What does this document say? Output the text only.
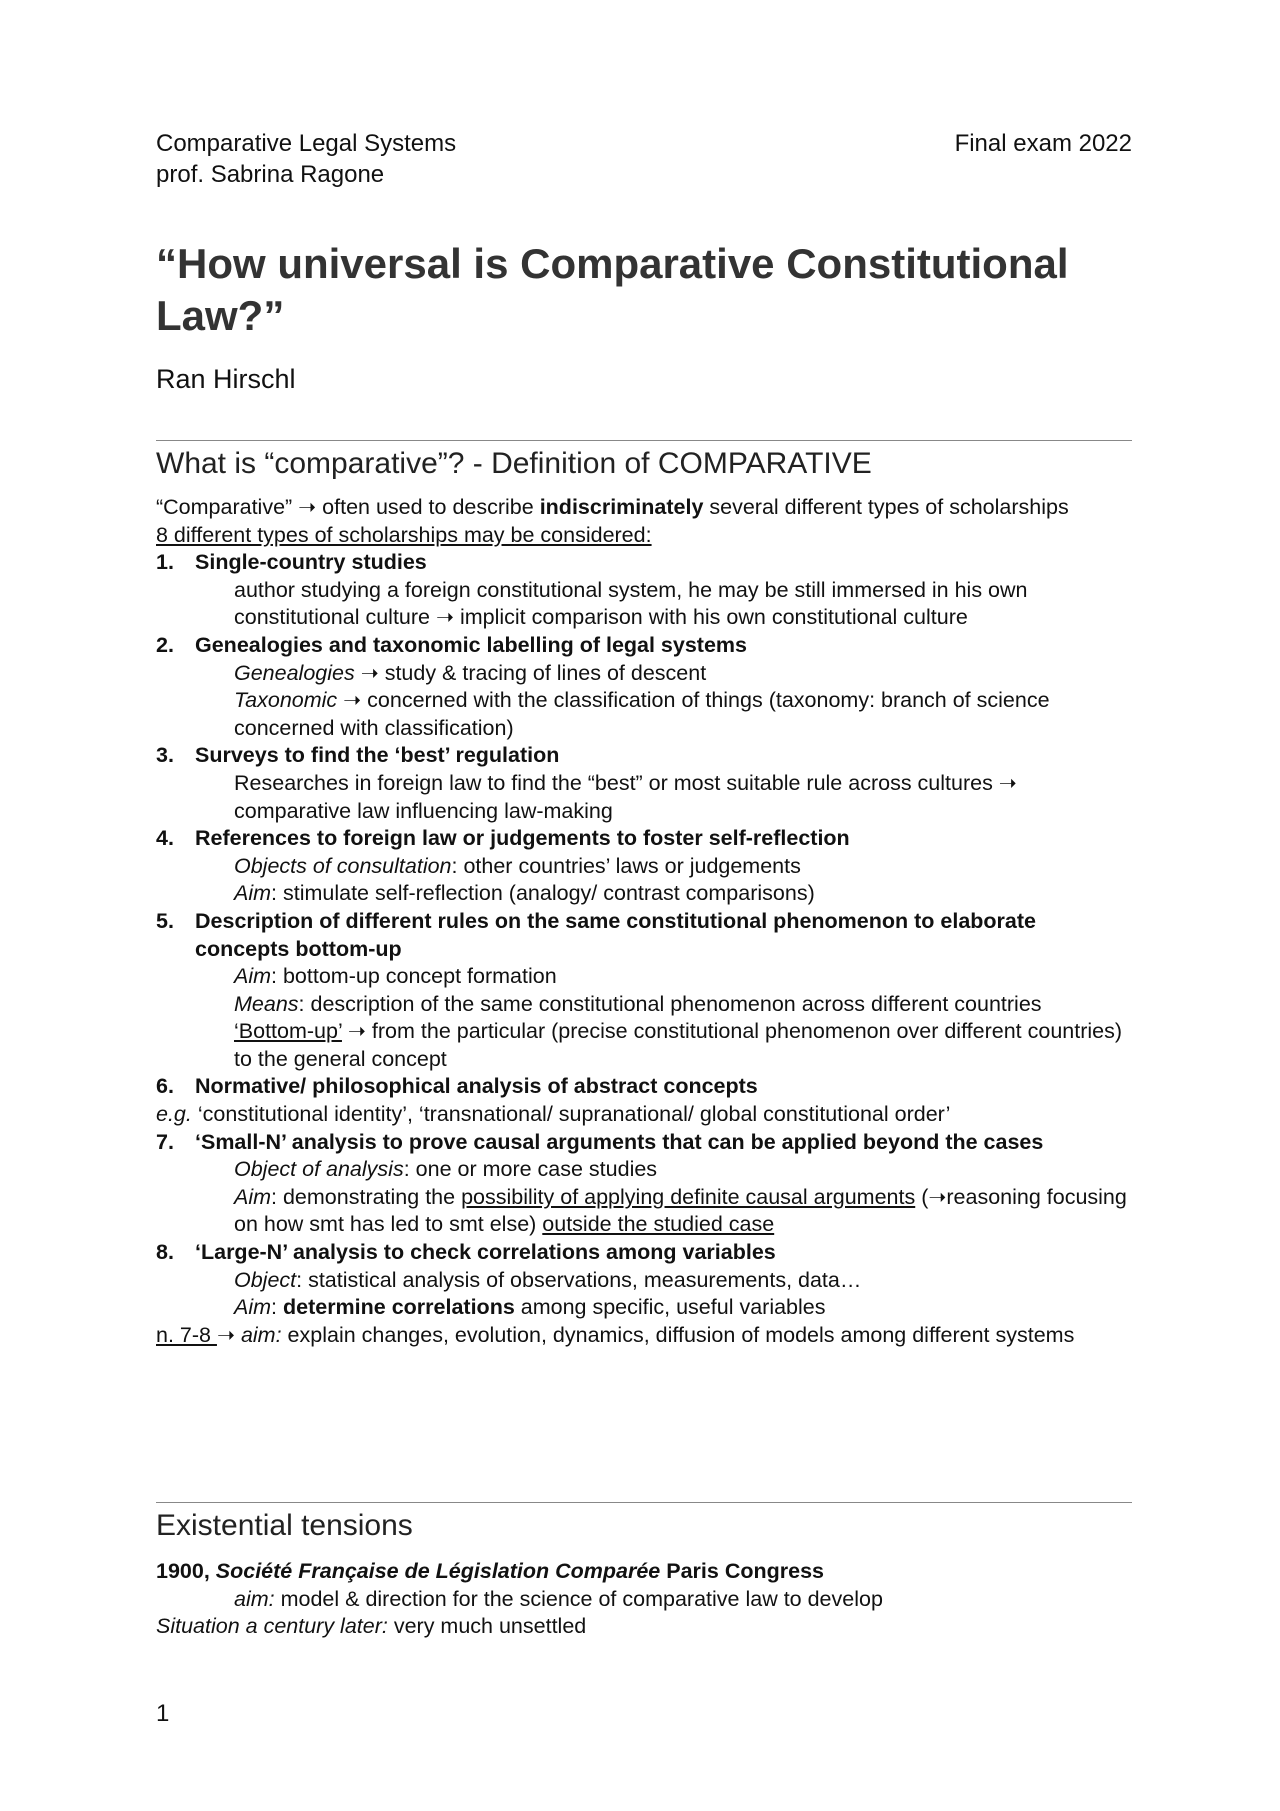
Comparative Legal Systems
prof. Sabrina Ragone
Final exam 2022
“How universal is Comparative Constitutional Law?”
Ran Hirschl
What is “comparative”? - Definition of COMPARATIVE

“Comparative” ➝ often used to describe indiscriminately several different types of scholarships

8 different types of scholarships may be considered:

1. Single-country studies

author studying a foreign constitutional system, he may be still immersed in his own constitutional culture ➝ implicit comparison with his own constitutional culture

2. Genealogies and taxonomic labelling of legal systems

Genealogies ➝ study & tracing of lines of descent

Taxonomic ➝ concerned with the classification of things (taxonomy: branch of science concerned with classification)

3. Surveys to find the ‘best’ regulation

Researches in foreign law to find the “best” or most suitable rule across cultures ➝ comparative law influencing law-making

4. References to foreign law or judgements to foster self-reflection

Objects of consultation: other countries’ laws or judgements

Aim: stimulate self-reflection (analogy/ contrast comparisons)

5. Description of different rules on the same constitutional phenomenon to elaborate concepts bottom-up

Aim: bottom-up concept formation

Means: description of the same constitutional phenomenon across different countries

‘Bottom-up’ ➝ from the particular (precise constitutional phenomenon over different countries) to the general concept

6. Normative/ philosophical analysis of abstract concepts

e.g. ‘constitutional identity’, ‘transnational/ supranational/ global constitutional order’

7. ‘Small-N’ analysis to prove causal arguments that can be applied beyond the cases

Object of analysis: one or more case studies

Aim: demonstrating the possibility of applying definite causal arguments (➝reasoning focusing on how smt has led to smt else) outside the studied case

8. ‘Large-N’ analysis to check correlations among variables

Object: statistical analysis of observations, measurements, data…

Aim: determine correlations among specific, useful variables

n. 7-8 ➝ aim: explain changes, evolution, dynamics, diffusion of models among different systems

Existential tensions

1900, Société Française de Législation Comparée Paris Congress

aim: model & direction for the science of comparative law to develop

Situation a century later: very much unsettled

1
